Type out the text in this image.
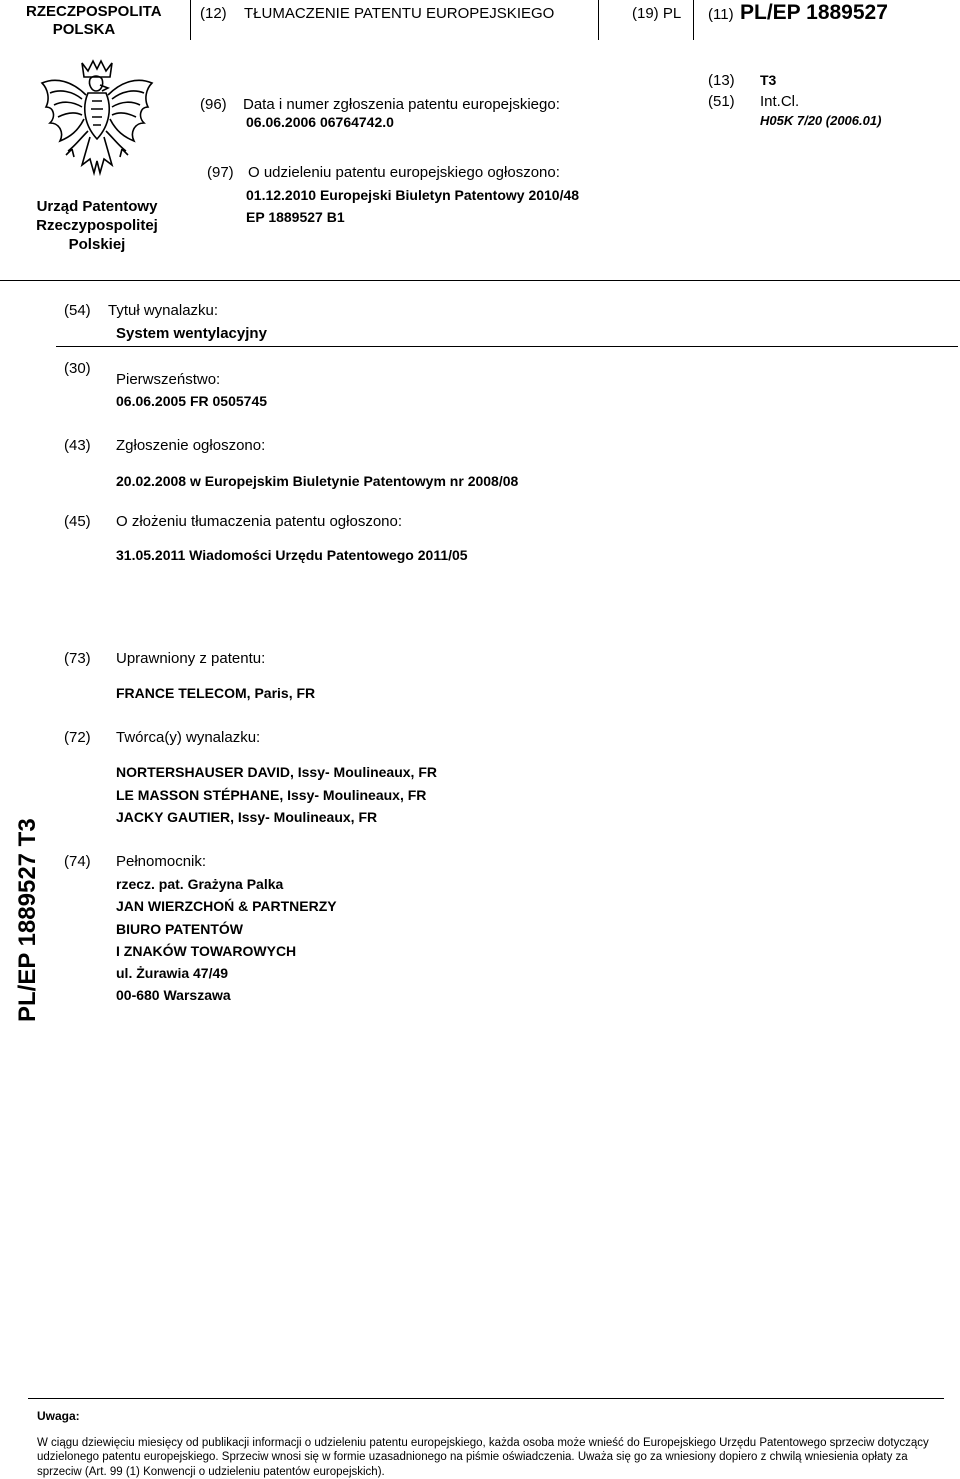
RZECZPOSPOLITA
POLSKA
(12) TŁUMACZENIE PATENTU EUROPEJSKIEGO	(19) PL (11) PL/EP 1889527
Urząd Patentowy
Rzeczypospolitej
Polskiej
(96) Data i numer zgłoszenia patentu europejskiego:
06.06.2006 06764742.0
(13) T3
(51) Int.Cl.
H05K 7/20 (2006.01)
(97) O udzieleniu patentu europejskiego ogłoszono:
01.12.2010 Europejski Biuletyn Patentowy 2010/48
EP 1889527 B1
(54) Tytuł wynalazku:
System wentylacyjny
(30)
Pierwszeństwo:
06.06.2005 FR 0505745
(43) Zgłoszenie ogłoszono:
20.02.2008 w Europejskim Biuletynie Patentowym nr 2008/08
(45) O złożeniu tłumaczenia patentu ogłoszono:
31.05.2011 Wiadomości Urzędu Patentowego 2011/05
(73) Uprawniony z patentu:
FRANCE TELECOM, Paris, FR
(72) Twórca(y) wynalazku:
NORTERSHAUSER DAVID, Issy- Moulineaux, FR
LE MASSON STÉPHANE, Issy- Moulineaux, FR
JACKY GAUTIER, Issy- Moulineaux, FR
(74) Pełnomocnik:
rzecz. pat. Grażyna Palka
JAN WIERZCHOŃ & PARTNERZY
BIURO PATENTÓW
I ZNAKÓW TOWAROWYCH
ul. Żurawia 47/49
00-680 Warszawa
PL/EP 1889527 T3
Uwaga:
W ciągu dziewięciu miesięcy od publikacji informacji o udzieleniu patentu europejskiego, każda osoba może wnieść do Europejskiego Urzędu Patentowego sprzeciw dotyczący udzielonego patentu europejskiego. Sprzeciw wnosi się w formie uzasadnionego na piśmie oświadczenia. Uważa się go za wniesiony dopiero z chwilą wniesienia opłaty za sprzeciw (Art. 99 (1) Konwencji o udzieleniu patentów europejskich).
